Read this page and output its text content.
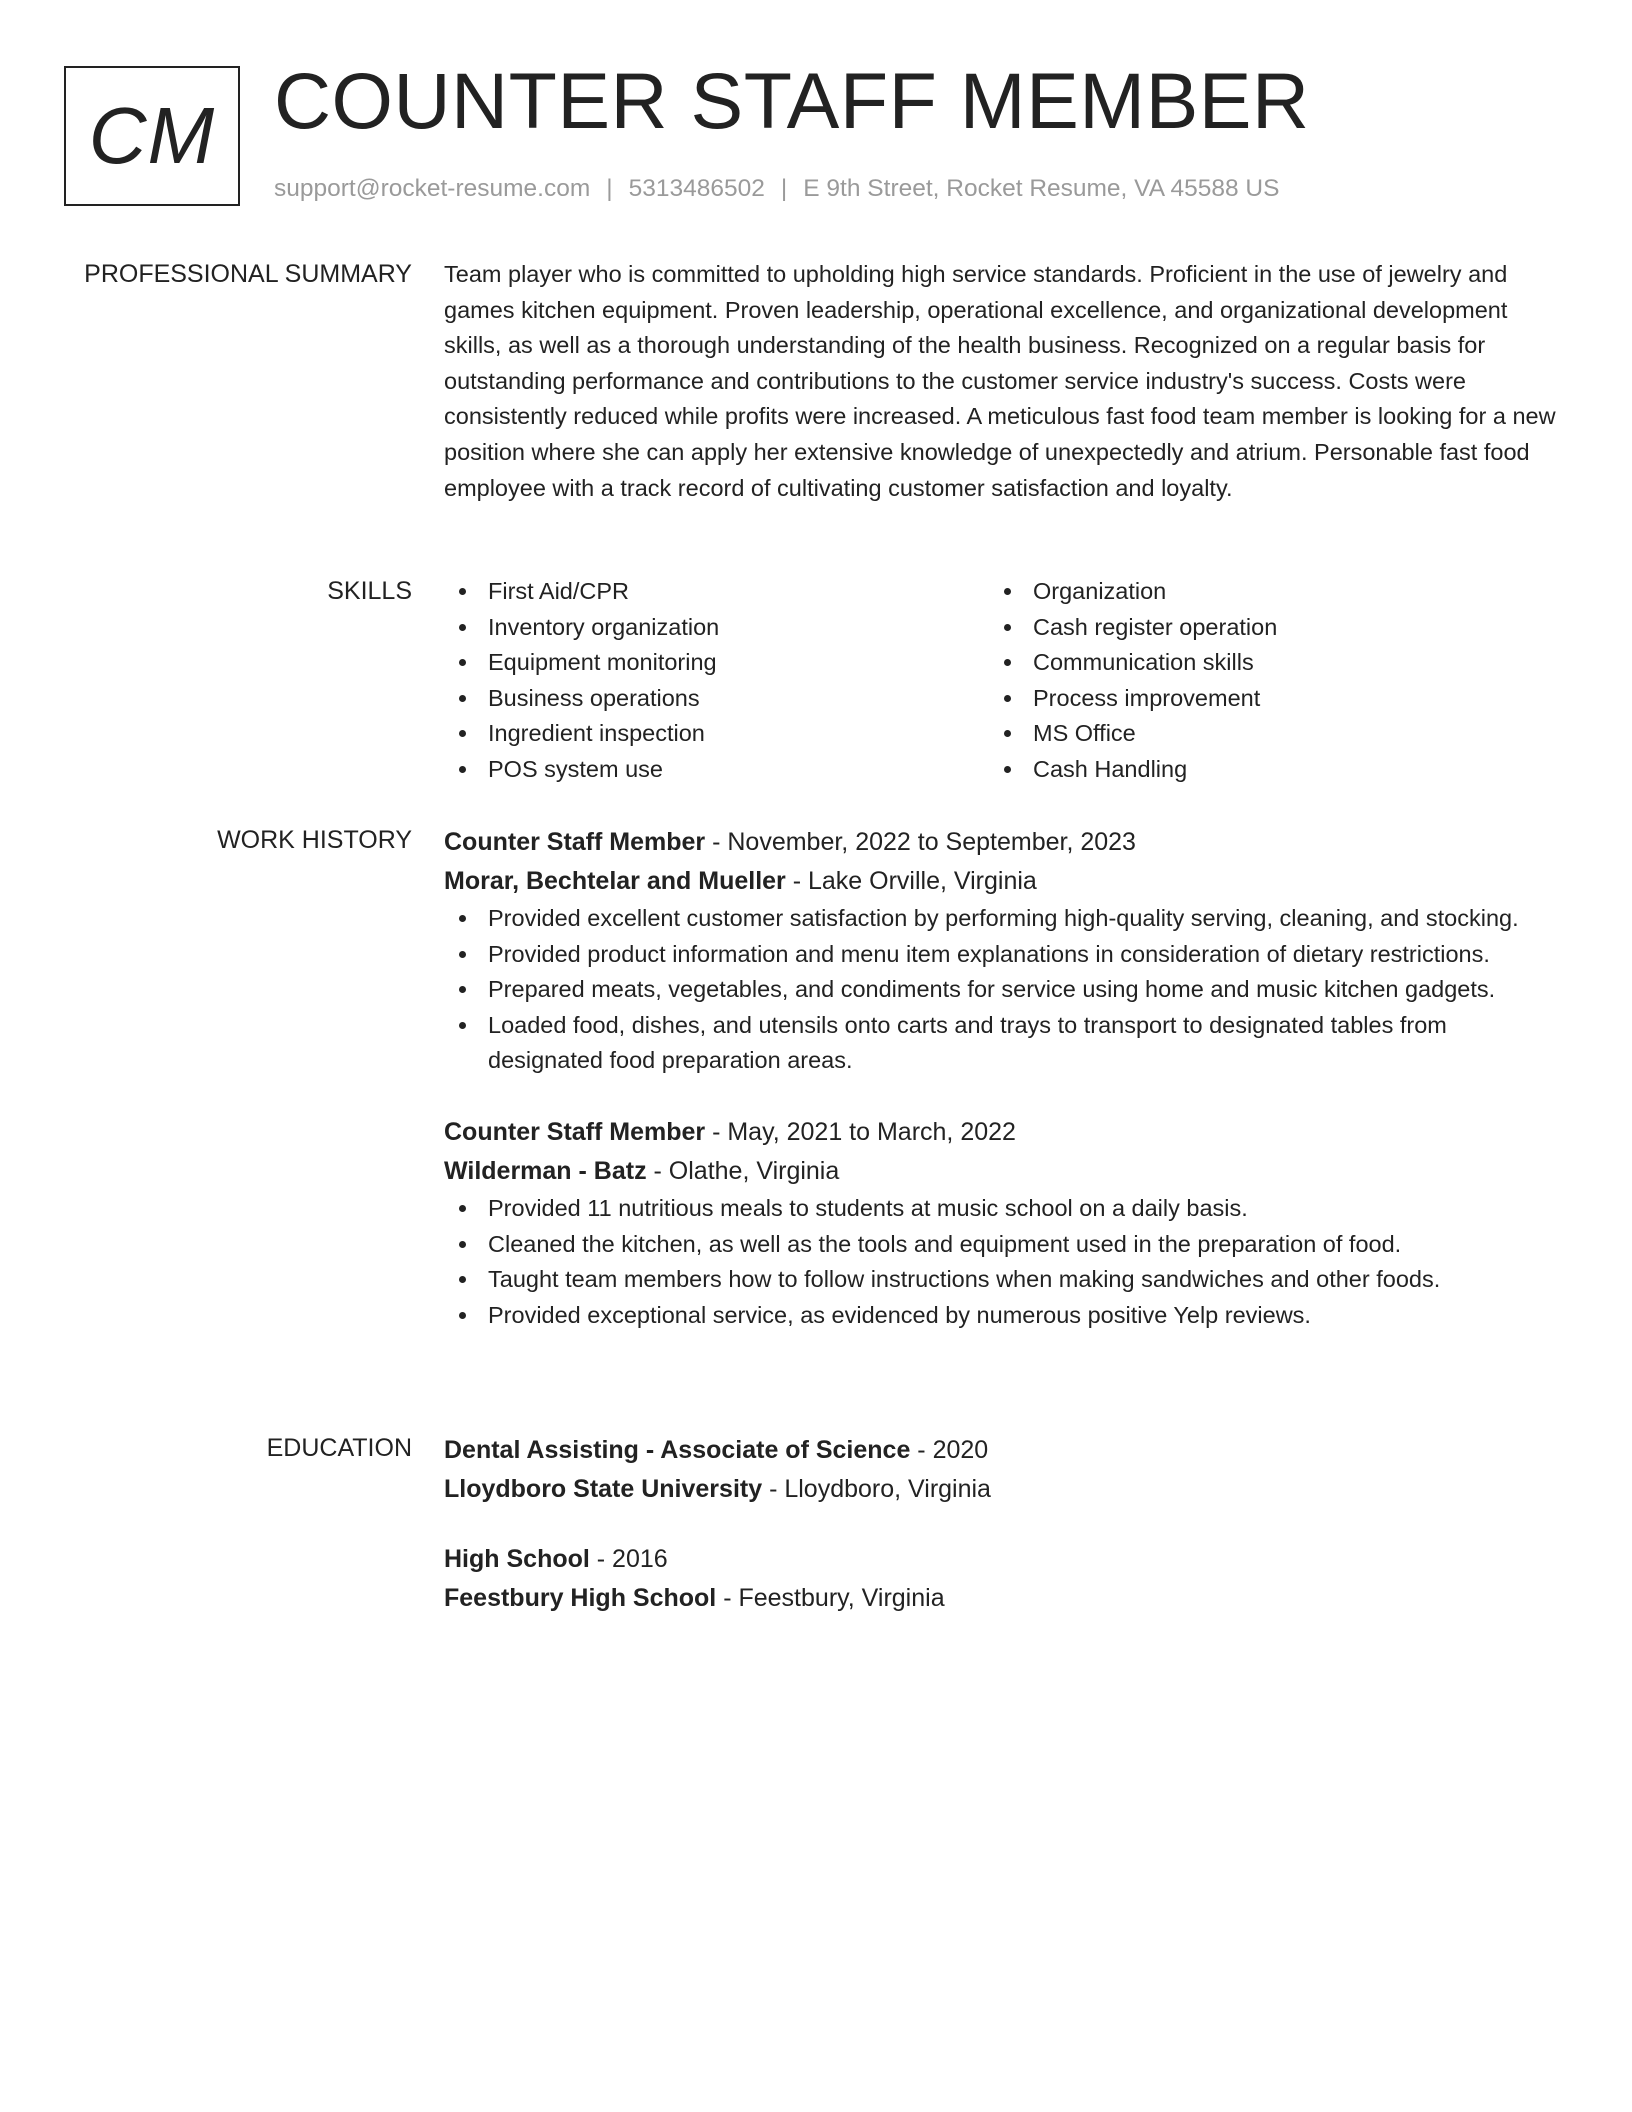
CM COUNTER STAFF MEMBER
support@rocket-resume.com | 5313486502 | E 9th Street, Rocket Resume, VA 45588 US
PROFESSIONAL SUMMARY Team player who is committed to upholding high service standards. Proficient in the use of jewelry and games kitchen equipment. Proven leadership, operational excellence, and organizational development skills, as well as a thorough understanding of the health business. Recognized on a regular basis for outstanding performance and contributions to the customer service industry's success. Costs were consistently reduced while profits were increased. A meticulous fast food team member is looking for a new position where she can apply her extensive knowledge of unexpectedly and atrium. Personable fast food employee with a track record of cultivating customer satisfaction and loyalty.

SKILLS	First Aid/CPR
Inventory organization
Equipment monitoring
Business operations
Ingredient inspection
POS system use
Organization
Cash register operation
Communication skills
Process improvement
MS Office
Cash Handling
WORK HISTORY Counter Staff Member - November, 2022 to September, 2023
Morar, Bechtelar and Mueller - Lake Orville, Virginia
Provided excellent customer satisfaction by performing high-quality serving, cleaning, and stocking.
Provided product information and menu item explanations in consideration of dietary restrictions.
Prepared meats, vegetables, and condiments for service using home and music kitchen gadgets.
Loaded food, dishes, and utensils onto carts and trays to transport to designated tables from designated food preparation areas.
Counter Staff Member - May, 2021 to March, 2022
Wilderman - Batz - Olathe, Virginia
Provided 11 nutritious meals to students at music school on a daily basis.
Cleaned the kitchen, as well as the tools and equipment used in the preparation of food.
Taught team members how to follow instructions when making sandwiches and other foods.
Provided exceptional service, as evidenced by numerous positive Yelp reviews.
EDUCATION Dental Assisting - Associate of Science - 2020
Lloydboro State University - Lloydboro, Virginia
High School - 2016
Feestbury High School - Feestbury, Virginia
